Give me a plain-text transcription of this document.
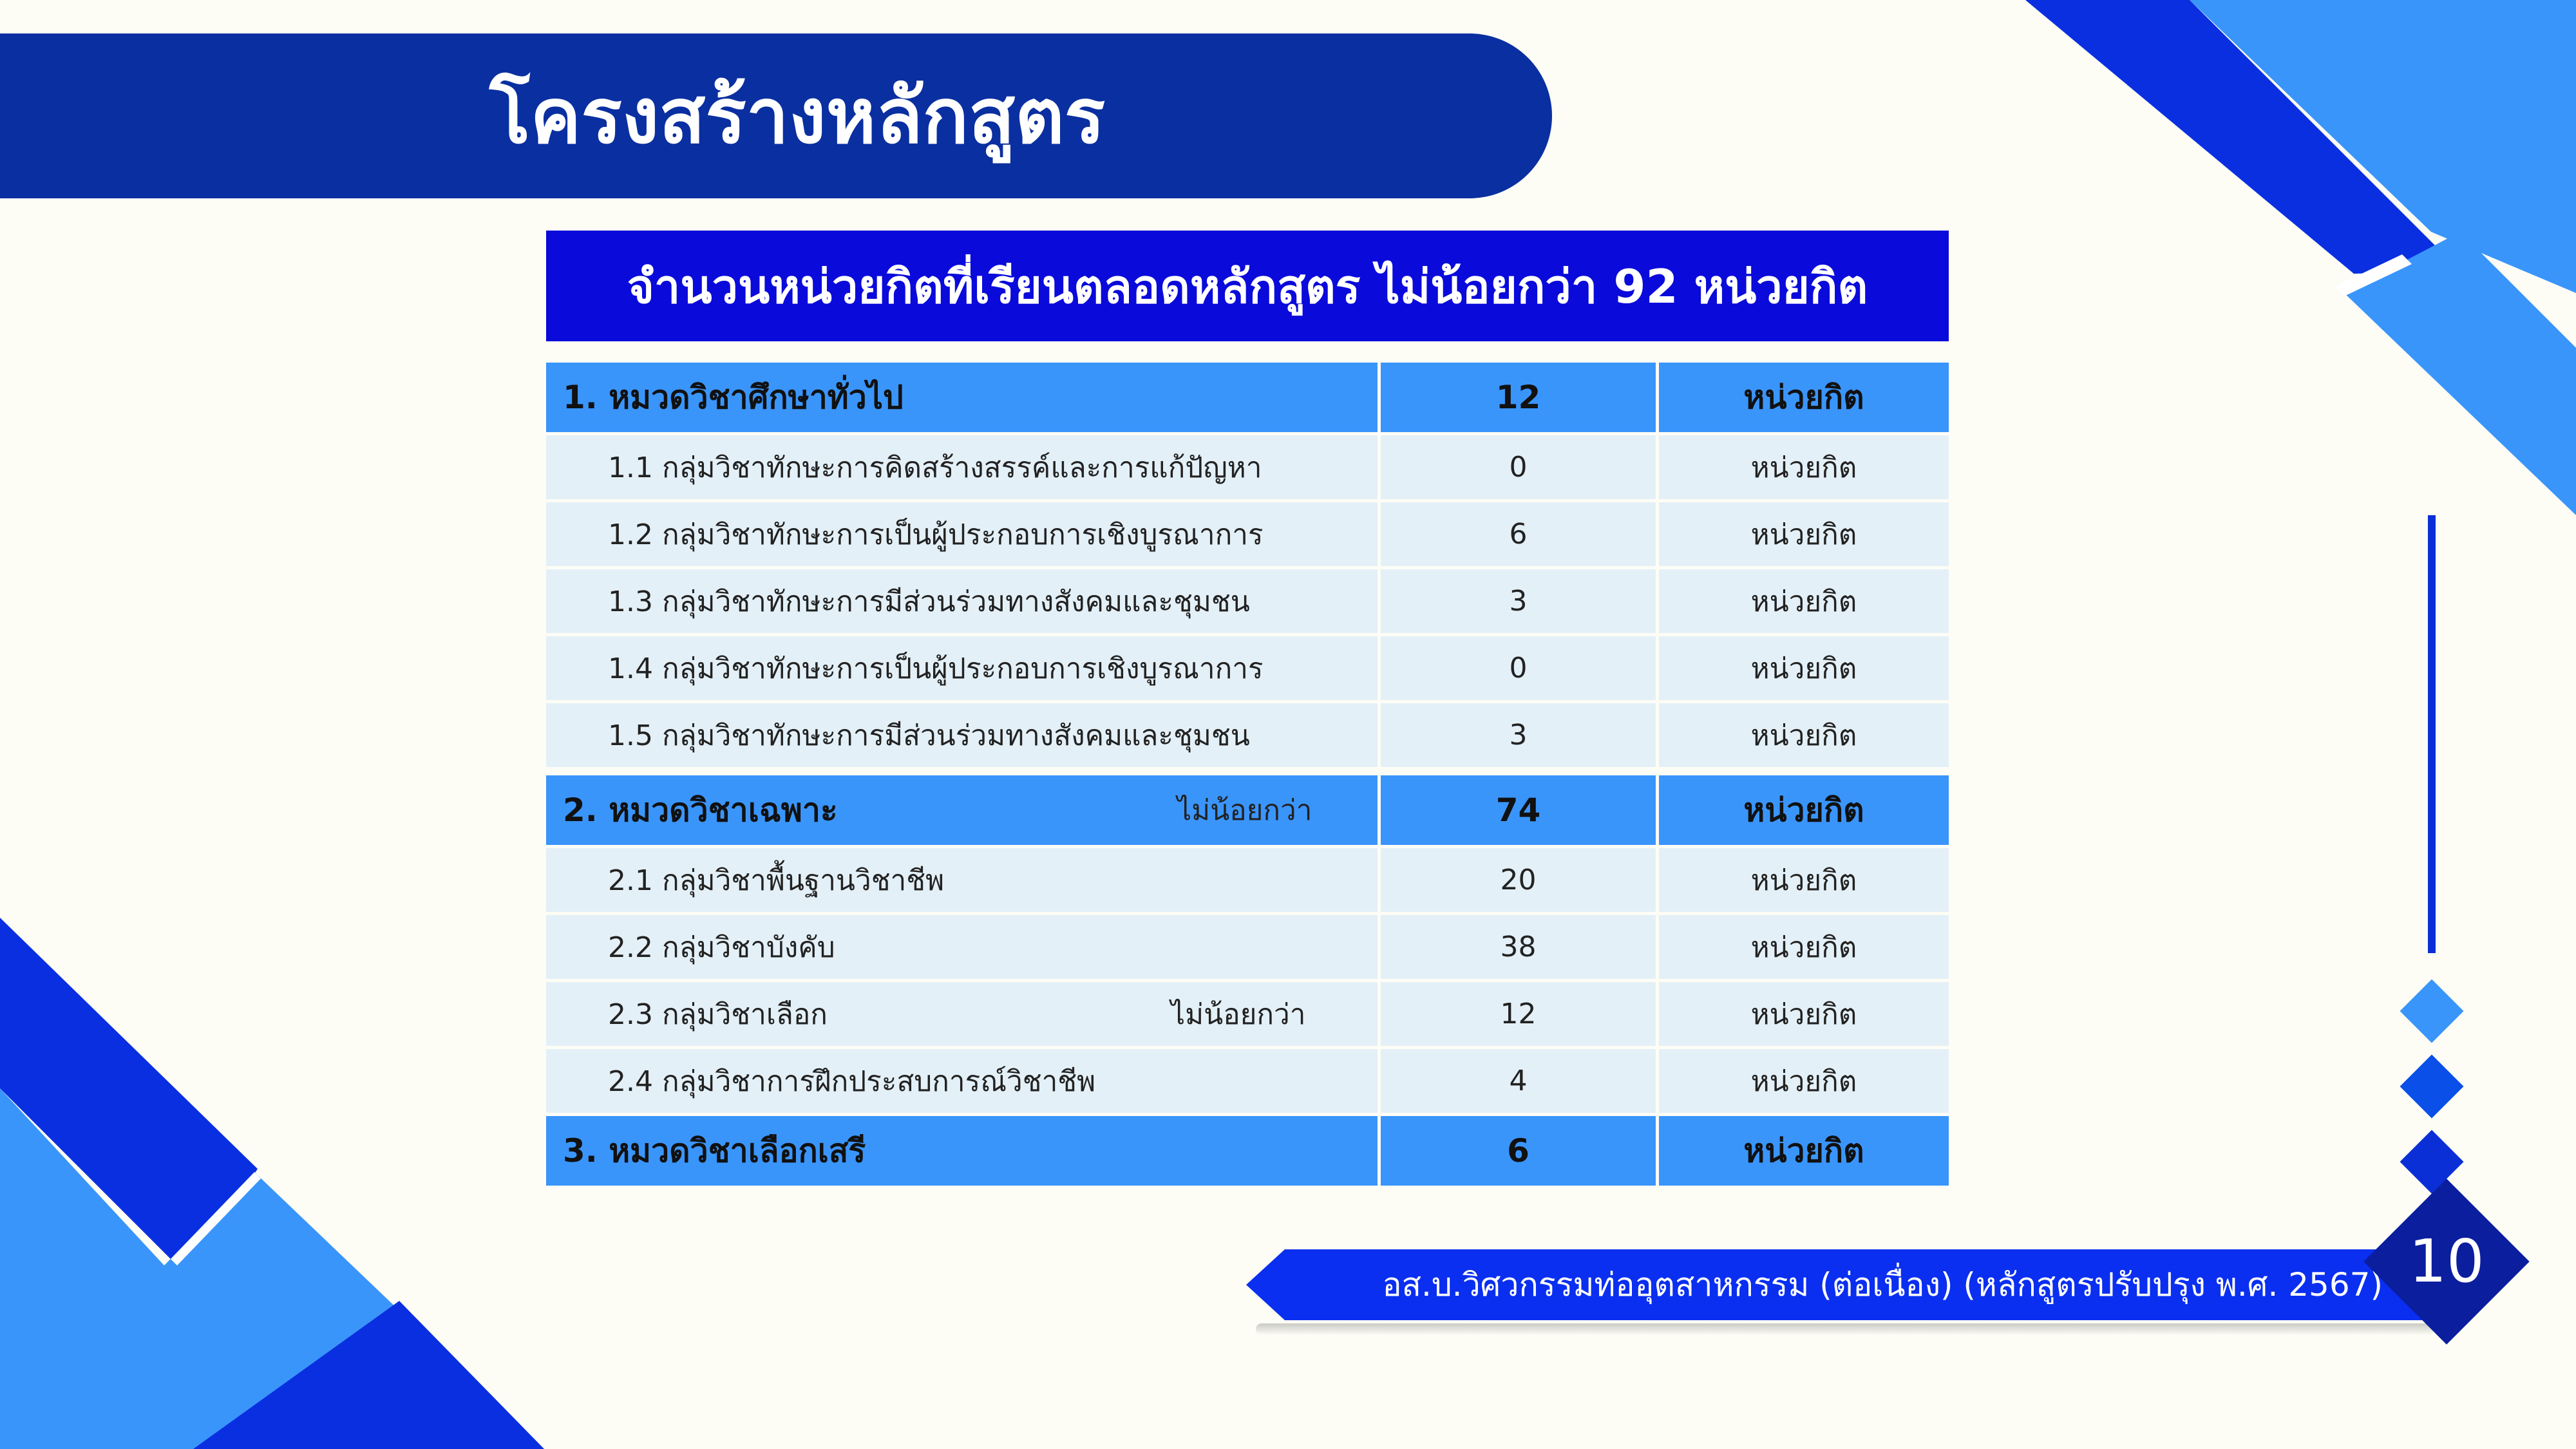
โครงสร้างหลักสูตร
จำนวนหน่วยกิตที่เรียนตลอดหลักสูตร ไม่น้อยกว่า 92 หน่วยกิต
1. หมวดวิชาศึกษาทั่วไป	12	หน่วยกิต
1.1 กลุ่มวิชาทักษะการคิดสร้างสรรค์และการแก้ปัญหา	0	หน่วยกิต
1.2 กลุ่มวิชาทักษะการเป็นผู้ประกอบการเชิงบูรณาการ	6	หน่วยกิต
1.3 กลุ่มวิชาทักษะการมีส่วนร่วมทางสังคมและชุมชน	3	หน่วยกิต
1.4 กลุ่มวิชาทักษะการเป็นผู้ประกอบการเชิงบูรณาการ	0	หน่วยกิต
1.5 กลุ่มวิชาทักษะการมีส่วนร่วมทางสังคมและชุมชน	3	หน่วยกิต

2. หมวดวิชาเฉพาะ ไม่น้อยกว่า	74	หน่วยกิต
2.1 กลุ่มวิชาพื้นฐานวิชาชีพ	20	หน่วยกิต
2.2 กลุ่มวิชาบังคับ	38	หน่วยกิต
2.3 กลุ่มวิชาเลือก ไม่น้อยกว่า	12	หน่วยกิต
2.4 กลุ่มวิชาการฝึกประสบการณ์วิชาชีพ	4	หน่วยกิต
3. หมวดวิชาเลือกเสรี	6	หน่วยกิต
อส.บ.วิศวกรรมท่ออุตสาหกรรม (ต่อเนื่อง) (หลักสูตรปรับปรุง พ.ศ. 2567) 10
